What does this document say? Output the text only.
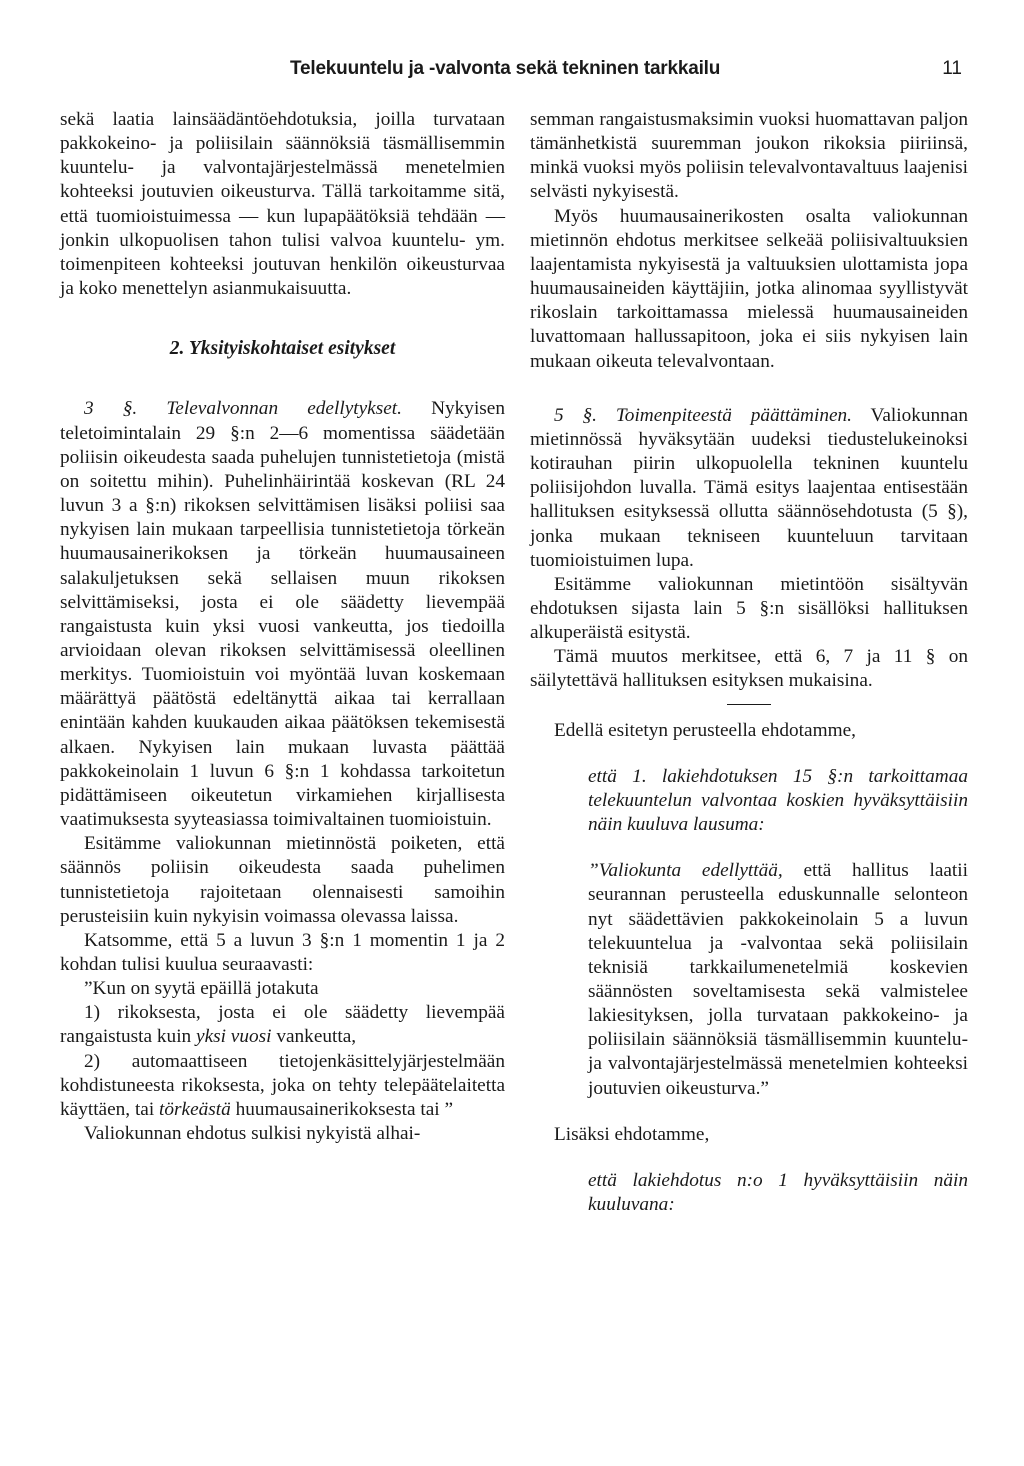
Telekuuntelu ja -valvonta sekä tekninen tarkkailu	11

sekä laatia lainsäädäntöehdotuksia, joilla turvataan pakkokeino- ja poliisilain säännöksiä täsmällisemmin kuuntelu- ja valvontajärjestelmässä menetelmien kohteeksi joutuvien oikeusturva. Tällä tarkoitamme sitä, että tuomioistuimessa — kun lupapäätöksiä tehdään — jonkin ulkopuolisen tahon tulisi valvoa kuuntelu- ym. toimenpiteen kohteeksi joutuvan henkilön oikeusturvaa ja koko menettelyn asianmukaisuutta.

2. Yksityiskohtaiset esitykset

3 §. Televalvonnan edellytykset. Nykyisen teletoimintalain 29 §:n 2—6 momentissa säädetään poliisin oikeudesta saada puhelujen tunnistetietoja (mistä on soitettu mihin). Puhelinhäirintää koskevan (RL 24 luvun 3 a §:n) rikoksen selvittämisen lisäksi poliisi saa nykyisen lain mukaan tarpeellisia tunnistetietoja törkeän huumausainerikoksen ja törkeän huumausaineen salakuljetuksen sekä sellaisen muun rikoksen selvittämiseksi, josta ei ole säädetty lievempää rangaistusta kuin yksi vuosi vankeutta, jos tiedoilla arvioidaan olevan rikoksen selvittämisessä oleellinen merkitys. Tuomioistuin voi myöntää luvan koskemaan määrättyä päätöstä edeltänyttä aikaa tai kerrallaan enintään kahden kuukauden aikaa päätöksen tekemisestä alkaen. Nykyisen lain mukaan luvasta päättää pakkokeinolain 1 luvun 6 §:n 1 kohdassa tarkoitetun pidättämiseen oikeutetun virkamiehen kirjallisesta vaatimuksesta syyteasiassa toimivaltainen tuomioistuin.

Esitämme valiokunnan mietinnöstä poiketen, että säännös poliisin oikeudesta saada puhelimen tunnistetietoja rajoitetaan olennaisesti samoihin perusteisiin kuin nykyisin voimassa olevassa laissa.

Katsomme, että 5 a luvun 3 §:n 1 momentin 1 ja 2 kohdan tulisi kuulua seuraavasti:

”Kun on syytä epäillä jotakuta

1) rikoksesta, josta ei ole säädetty lievempää rangaistusta kuin yksi vuosi vankeutta,

2) automaattiseen tietojenkäsittelyjärjestelmään kohdistuneesta rikoksesta, joka on tehty telepäätelaitetta käyttäen, tai törkeästä huumausainerikoksesta tai ”

Valiokunnan ehdotus sulkisi nykyistä alhai-

semman rangaistusmaksimin vuoksi huomattavan paljon tämänhetkistä suuremman joukon rikoksia piiriinsä, minkä vuoksi myös poliisin televalvontavaltuus laajenisi selvästi nykyisestä.

Myös huumausainerikosten osalta valiokunnan mietinnön ehdotus merkitsee selkeää poliisivaltuuksien laajentamista nykyisestä ja valtuuksien ulottamista jopa huumausaineiden käyttäjiin, jotka alinomaa syyllistyvät rikoslain tarkoittamassa mielessä huumausaineiden luvattomaan hallussapitoon, joka ei siis nykyisen lain mukaan oikeuta televalvontaan.

5 §. Toimenpiteestä päättäminen. Valiokunnan mietinnössä hyväksytään uudeksi tiedustelukeinoksi kotirauhan piirin ulkopuolella tekninen kuuntelu poliisijohdon luvalla. Tämä esitys laajentaa entisestään hallituksen esityksessä ollutta säännösehdotusta (5 §), jonka mukaan tekniseen kuunteluun tarvitaan tuomioistuimen lupa.

Esitämme valiokunnan mietintöön sisältyvän ehdotuksen sijasta lain 5 §:n sisällöksi hallituksen alkuperäistä esitystä.

Tämä muutos merkitsee, että 6, 7 ja 11 § on säilytettävä hallituksen esityksen mukaisina.

Edellä esitetyn perusteella ehdotamme,

että 1. lakiehdotuksen 15 §:n tarkoittamaa telekuuntelun valvontaa koskien hyväksyttäisiin näin kuuluva lausuma:

”Valiokunta edellyttää, että hallitus laatii seurannan perusteella eduskunnalle selonteon nyt säädettävien pakkokeinolain 5 a luvun telekuuntelua ja -valvontaa sekä poliisilain teknisiä tarkkailumenetelmiä koskevien säännösten soveltamisesta sekä valmistelee lakiesityksen, jolla turvataan pakkokeino- ja poliisilain säännöksiä täsmällisemmin kuuntelu- ja valvontajärjestelmässä menetelmien kohteeksi joutuvien oikeusturva.”

Lisäksi ehdotamme,

että lakiehdotus n:o 1 hyväksyttäisiin näin kuuluvana:
